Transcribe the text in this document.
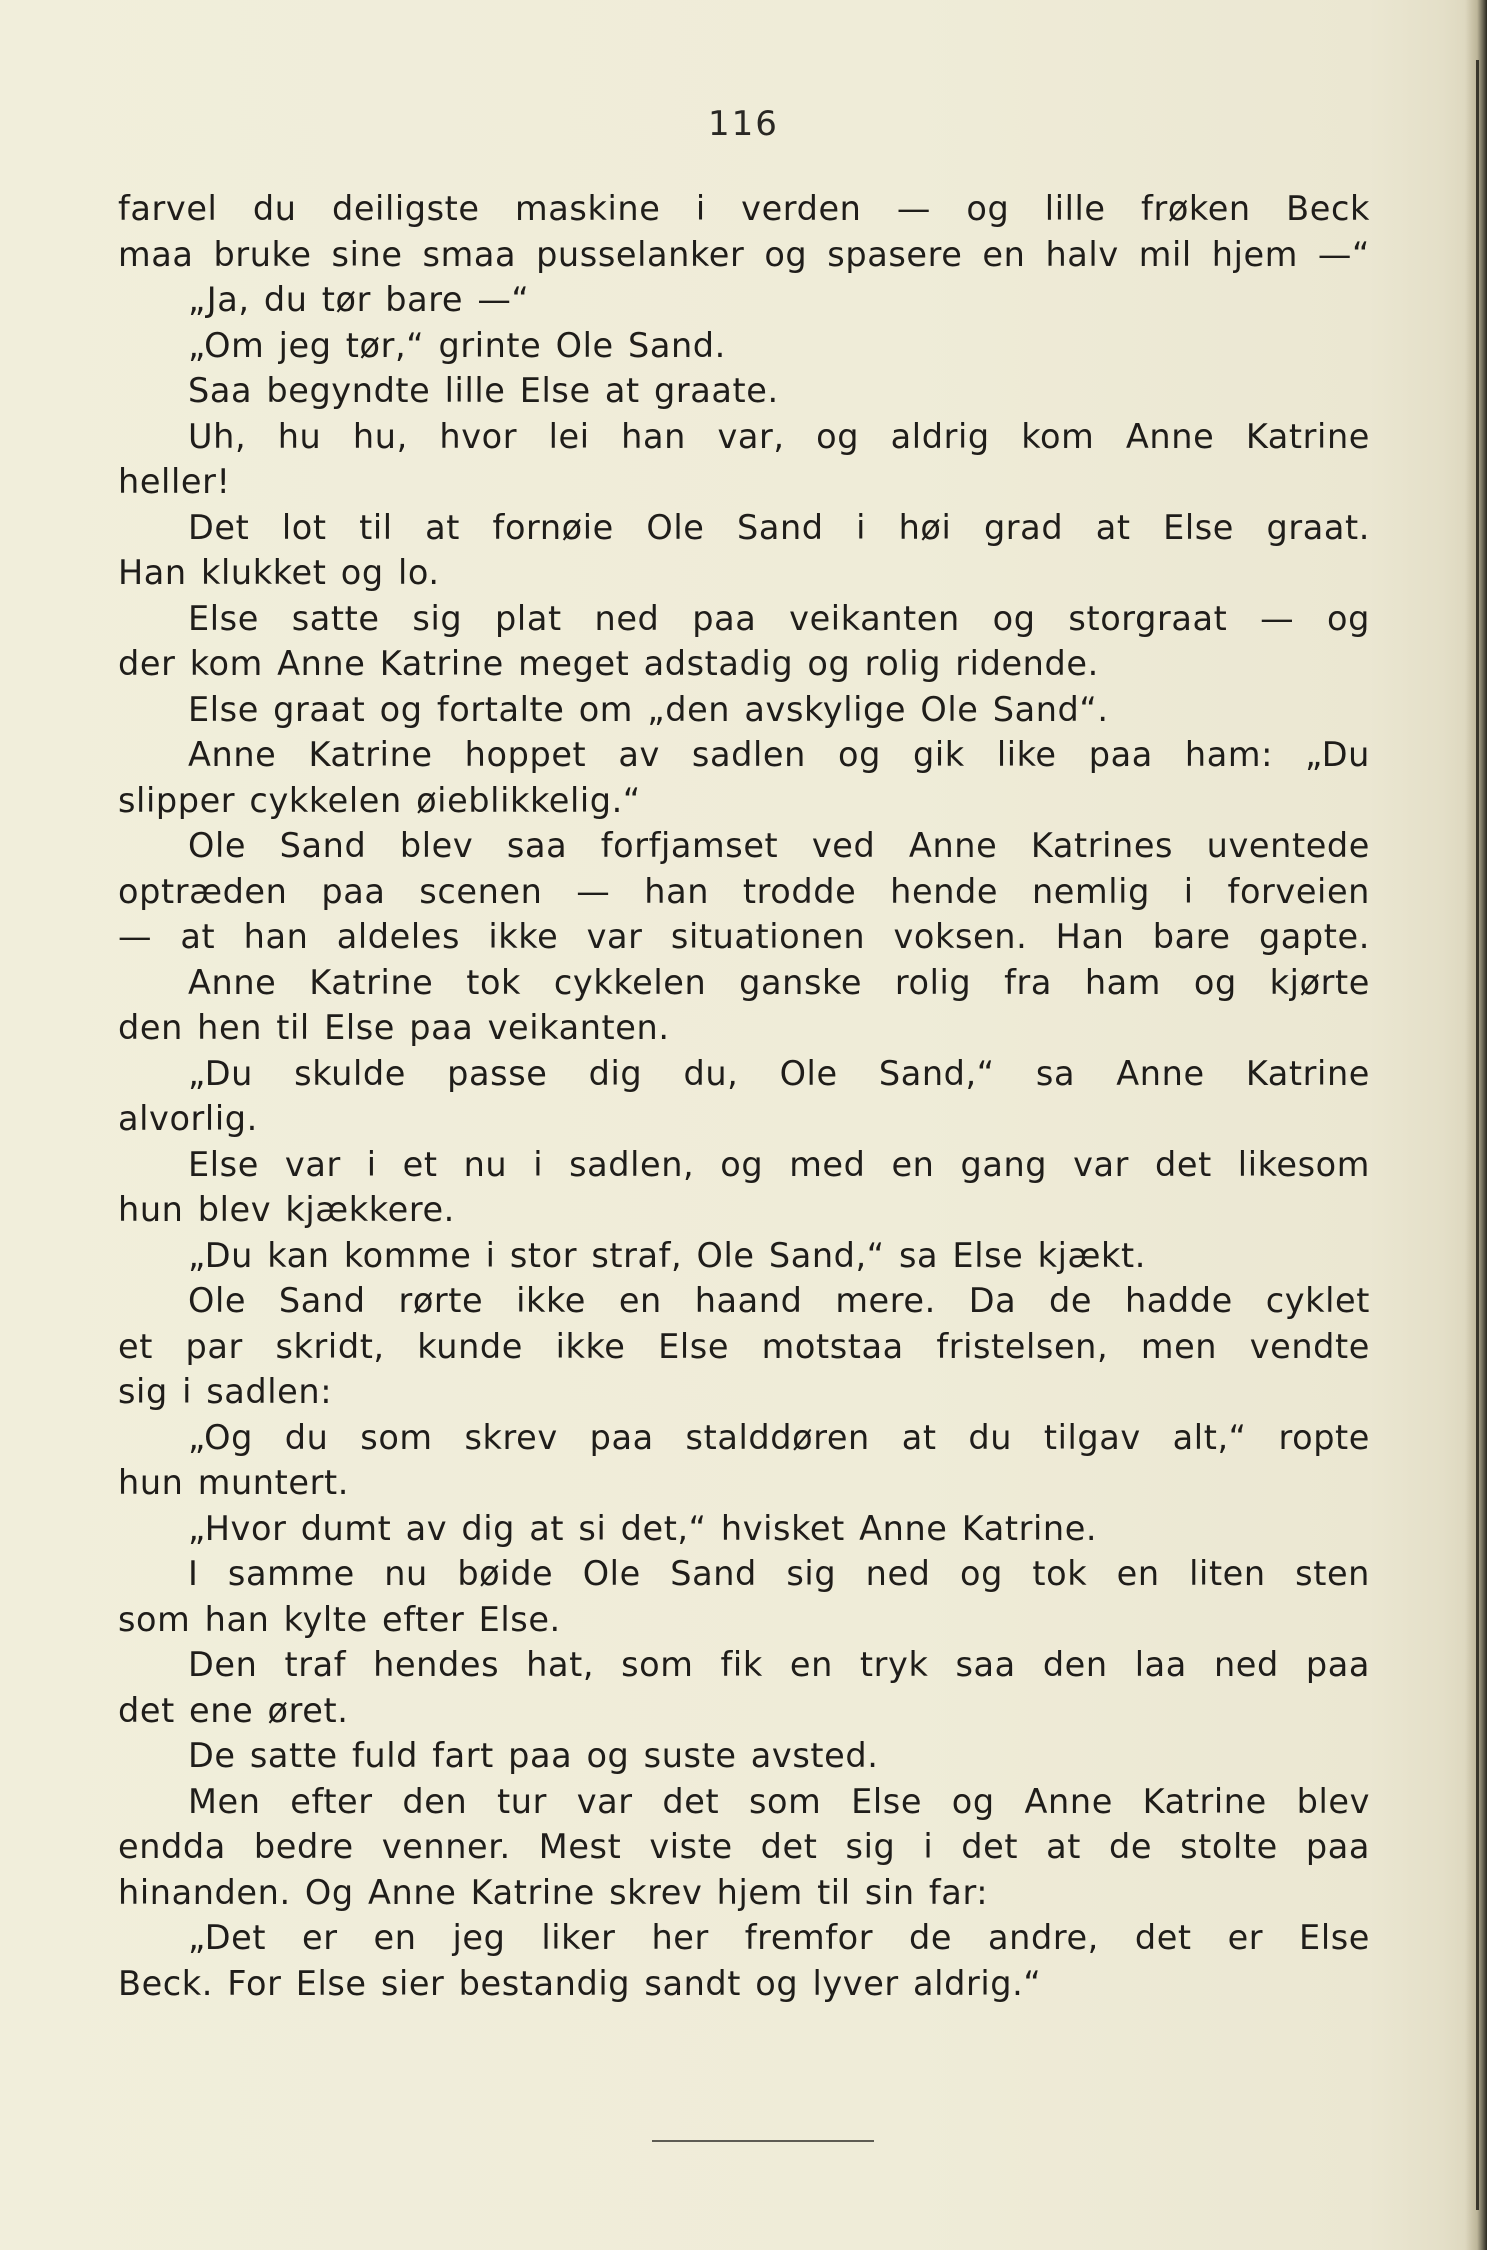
116
farvel du deiligste maskine i verden — og lille frøken Beck
maa bruke sine smaa pusselanker og spasere en halv mil hjem —“
„Ja, du tør bare —“
„Om jeg tør,“ grinte Ole Sand.
Saa begyndte lille Else at graate.
Uh, hu hu, hvor lei han var, og aldrig kom Anne Katrine
heller!
Det lot til at fornøie Ole Sand i høi grad at Else graat.
Han klukket og lo.
Else satte sig plat ned paa veikanten og storgraat — og
der kom Anne Katrine meget adstadig og rolig ridende.
Else graat og fortalte om „den avskylige Ole Sand“.
Anne Katrine hoppet av sadlen og gik like paa ham: „Du
slipper cykkelen øieblikkelig.“
Ole Sand blev saa forfjamset ved Anne Katrines uventede
optræden paa scenen — han trodde hende nemlig i forveien
— at han aldeles ikke var situationen voksen. Han bare gapte.
Anne Katrine tok cykkelen ganske rolig fra ham og kjørte
den hen til Else paa veikanten.
„Du skulde passe dig du, Ole Sand,“ sa Anne Katrine
alvorlig.
Else var i et nu i sadlen, og med en gang var det likesom
hun blev kjækkere.
„Du kan komme i stor straf, Ole Sand,“ sa Else kjækt.
Ole Sand rørte ikke en haand mere. Da de hadde cyklet
et par skridt, kunde ikke Else motstaa fristelsen, men vendte
sig i sadlen:
„Og du som skrev paa stalddøren at du tilgav alt,“ ropte
hun muntert.
„Hvor dumt av dig at si det,“ hvisket Anne Katrine.
I samme nu bøide Ole Sand sig ned og tok en liten sten
som han kylte efter Else.
Den traf hendes hat, som fik en tryk saa den laa ned paa
det ene øret.
De satte fuld fart paa og suste avsted.
Men efter den tur var det som Else og Anne Katrine blev
endda bedre venner. Mest viste det sig i det at de stolte paa
hinanden. Og Anne Katrine skrev hjem til sin far:
„Det er en jeg liker her fremfor de andre, det er Else
Beck. For Else sier bestandig sandt og lyver aldrig.“
